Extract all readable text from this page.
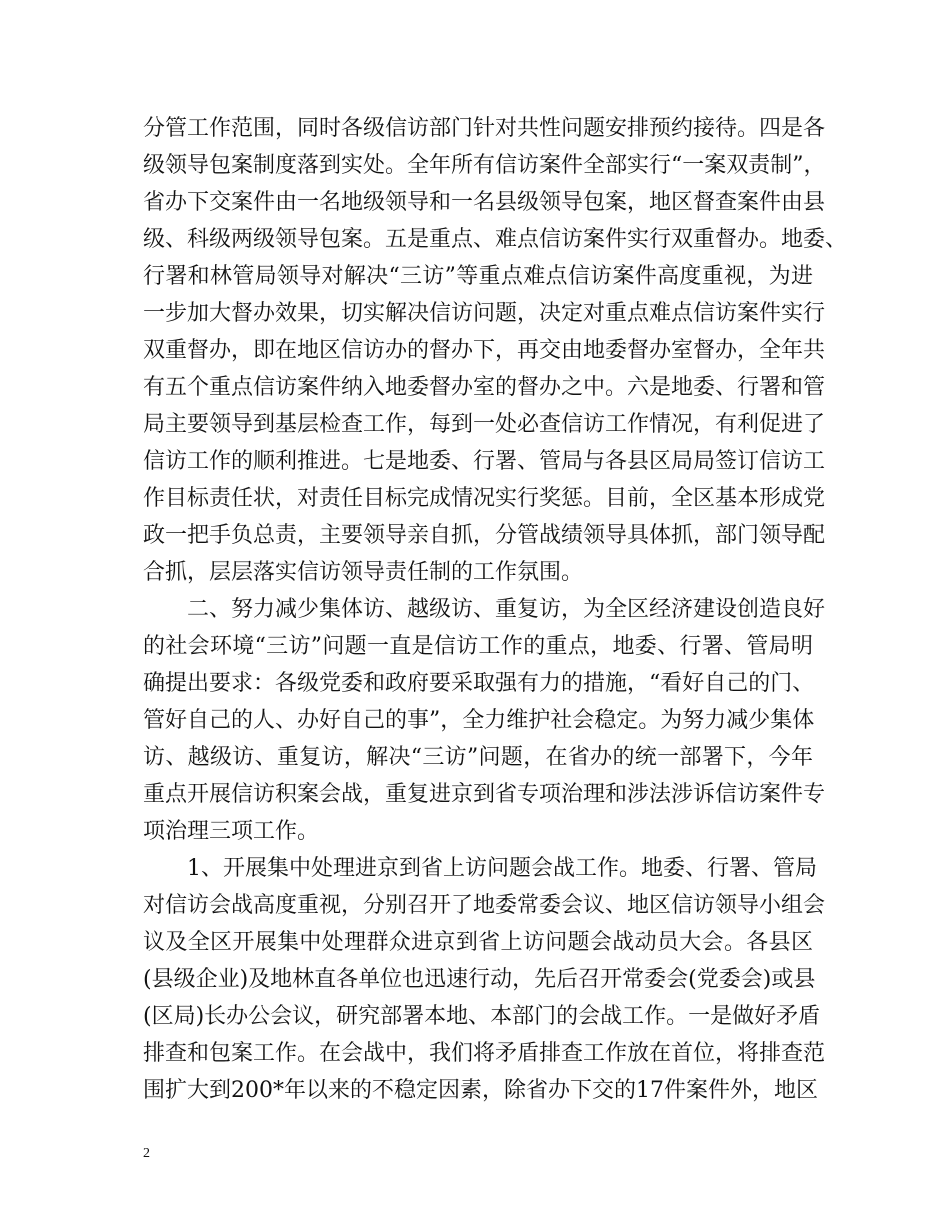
分管工作范围，同时各级信访部门针对共性问题安排预约接待。四是各
级领导包案制度落到实处。全年所有信访案件全部实行“一案双责制”，
省办下交案件由一名地级领导和一名县级领导包案，地区督查案件由县
级、科级两级领导包案。五是重点、难点信访案件实行双重督办。地委、
行署和林管局领导对解决“三访”等重点难点信访案件高度重视，为进
一步加大督办效果，切实解决信访问题，决定对重点难点信访案件实行
双重督办，即在地区信访办的督办下，再交由地委督办室督办，全年共
有五个重点信访案件纳入地委督办室的督办之中。六是地委、行署和管
局主要领导到基层检查工作，每到一处必查信访工作情况，有利促进了
信访工作的顺利推进。七是地委、行署、管局与各县区局局签订信访工
作目标责任状，对责任目标完成情况实行奖惩。目前，全区基本形成党
政一把手负总责，主要领导亲自抓，分管战绩领导具体抓，部门领导配
合抓，层层落实信访领导责任制的工作氛围。
　　二、努力减少集体访、越级访、重复访，为全区经济建设创造良好
的社会环境“三访”问题一直是信访工作的重点，地委、行署、管局明
确提出要求：各级党委和政府要采取强有力的措施，“看好自己的门、
管好自己的人、办好自己的事”，全力维护社会稳定。为努力减少集体
访、越级访、重复访，解决“三访”问题，在省办的统一部署下，今年
重点开展信访积案会战，重复进京到省专项治理和涉法涉诉信访案件专
项治理三项工作。
　　1、开展集中处理进京到省上访问题会战工作。地委、行署、管局
对信访会战高度重视，分别召开了地委常委会议、地区信访领导小组会
议及全区开展集中处理群众进京到省上访问题会战动员大会。各县区
(县级企业)及地林直各单位也迅速行动，先后召开常委会(党委会)或县
(区局)长办公会议，研究部署本地、本部门的会战工作。一是做好矛盾
排查和包案工作。在会战中，我们将矛盾排查工作放在首位，将排查范
围扩大到200*年以来的不稳定因素，除省办下交的17件案件外，地区
2
